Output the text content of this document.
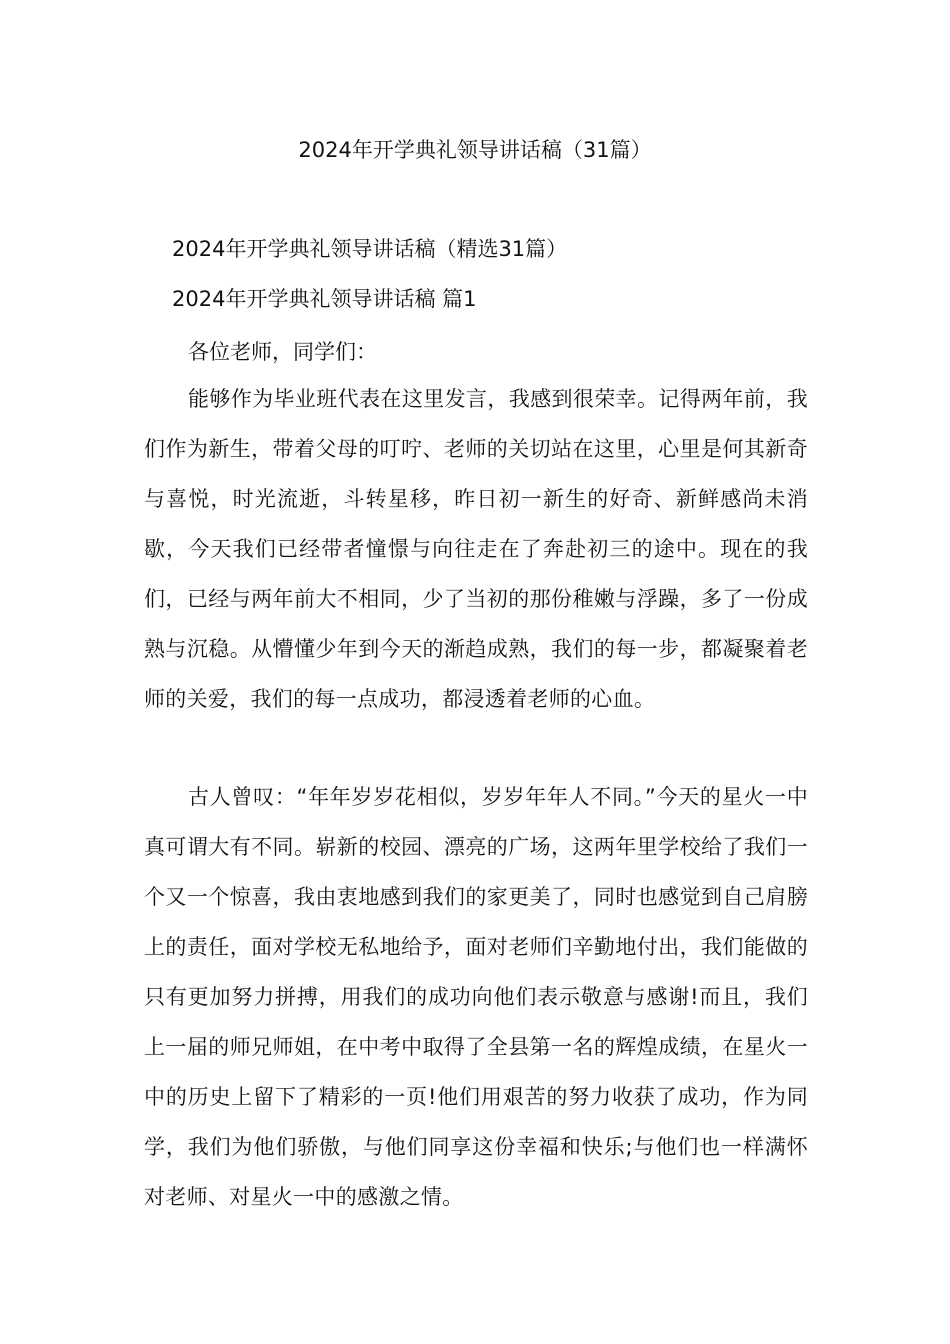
2024年开学典礼领导讲话稿（31篇）
2024年开学典礼领导讲话稿（精选31篇）
2024年开学典礼领导讲话稿 篇1

各位老师，同学们：

能够作为毕业班代表在这里发言，我感到很荣幸。记得两年前，我们作为新生，带着父母的叮咛、老师的关切站在这里，心里是何其新奇与喜悦，时光流逝，斗转星移，昨日初一新生的好奇、新鲜感尚未消歇，今天我们已经带者憧憬与向往走在了奔赴初三的途中。现在的我们，已经与两年前大不相同，少了当初的那份稚嫩与浮躁，多了一份成熟与沉稳。从懵懂少年到今天的渐趋成熟，我们的每一步，都凝聚着老师的关爱，我们的每一点成功，都浸透着老师的心血。

古人曾叹：“年年岁岁花相似，岁岁年年人不同。”今天的星火一中真可谓大有不同。崭新的校园、漂亮的广场，这两年里学校给了我们一个又一个惊喜，我由衷地感到我们的家更美了，同时也感觉到自己肩膀上的责任，面对学校无私地给予，面对老师们辛勤地付出，我们能做的只有更加努力拼搏，用我们的成功向他们表示敬意与感谢!而且，我们上一届的师兄师姐，在中考中取得了全县第一名的辉煌成绩，在星火一中的历史上留下了精彩的一页!他们用艰苦的努力收获了成功，作为同学，我们为他们骄傲，与他们同享这份幸福和快乐;与他们也一样满怀对老师、对星火一中的感激之情。
